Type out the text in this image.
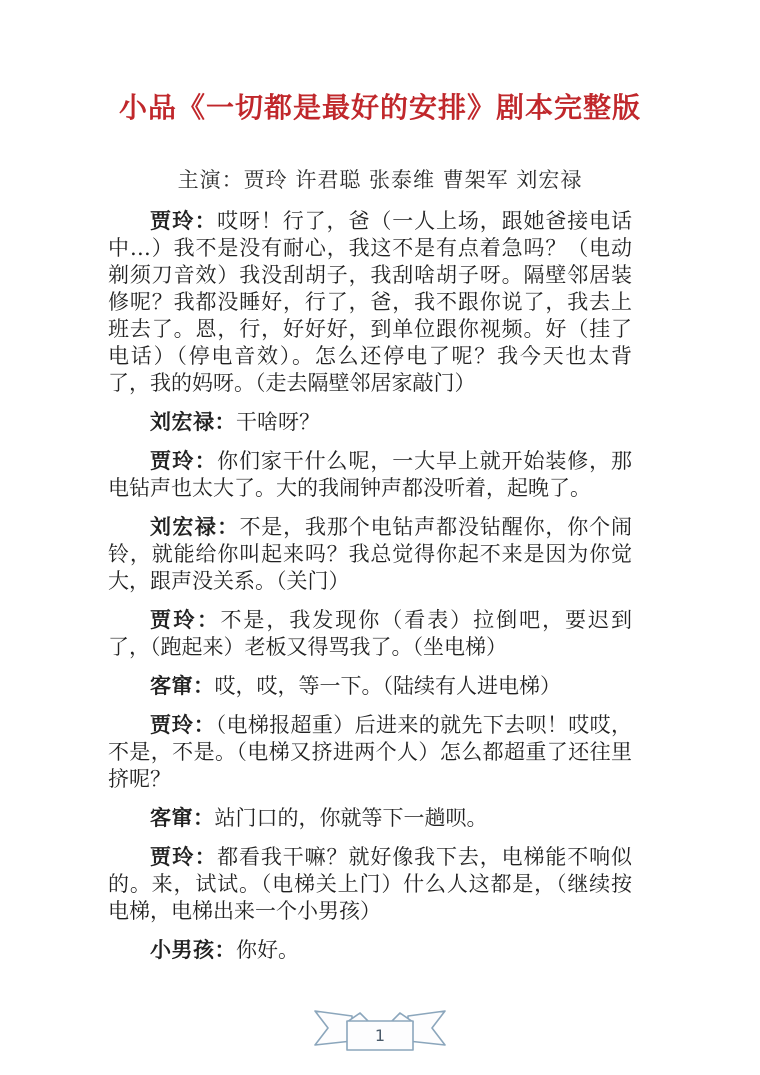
小品《一切都是最好的安排》剧本完整版

主演：贾玲 许君聪 张泰维 曹架军 刘宏禄

贾玲：哎呀！行了，爸（一人上场，跟她爸接电话中…）我不是没有耐心，我这不是有点着急吗？（电动剃须刀音效）我没刮胡子，我刮啥胡子呀。隔壁邻居装修呢？我都没睡好，行了，爸，我不跟你说了，我去上班去了。恩，行，好好好，到单位跟你视频。好（挂了电话）（停电音效）。怎么还停电了呢？我今天也太背了，我的妈呀。（走去隔壁邻居家敲门）

刘宏禄：干啥呀？

贾玲：你们家干什么呢，一大早上就开始装修，那电钻声也太大了。大的我闹钟声都没听着，起晚了。

刘宏禄：不是，我那个电钻声都没钻醒你，你个闹铃，就能给你叫起来吗？我总觉得你起不来是因为你觉大，跟声没关系。（关门）

贾玲：不是，我发现你（看表）拉倒吧，要迟到了，（跑起来）老板又得骂我了。（坐电梯）

客窜：哎，哎，等一下。（陆续有人进电梯）

贾玲：（电梯报超重）后进来的就先下去呗！哎哎，不是，不是。（电梯又挤进两个人）怎么都超重了还往里挤呢？

客窜：站门口的，你就等下一趟呗。

贾玲：都看我干嘛？就好像我下去，电梯能不响似的。来，试试。（电梯关上门）什么人这都是，（继续按电梯，电梯出来一个小男孩）

小男孩：你好。

1
